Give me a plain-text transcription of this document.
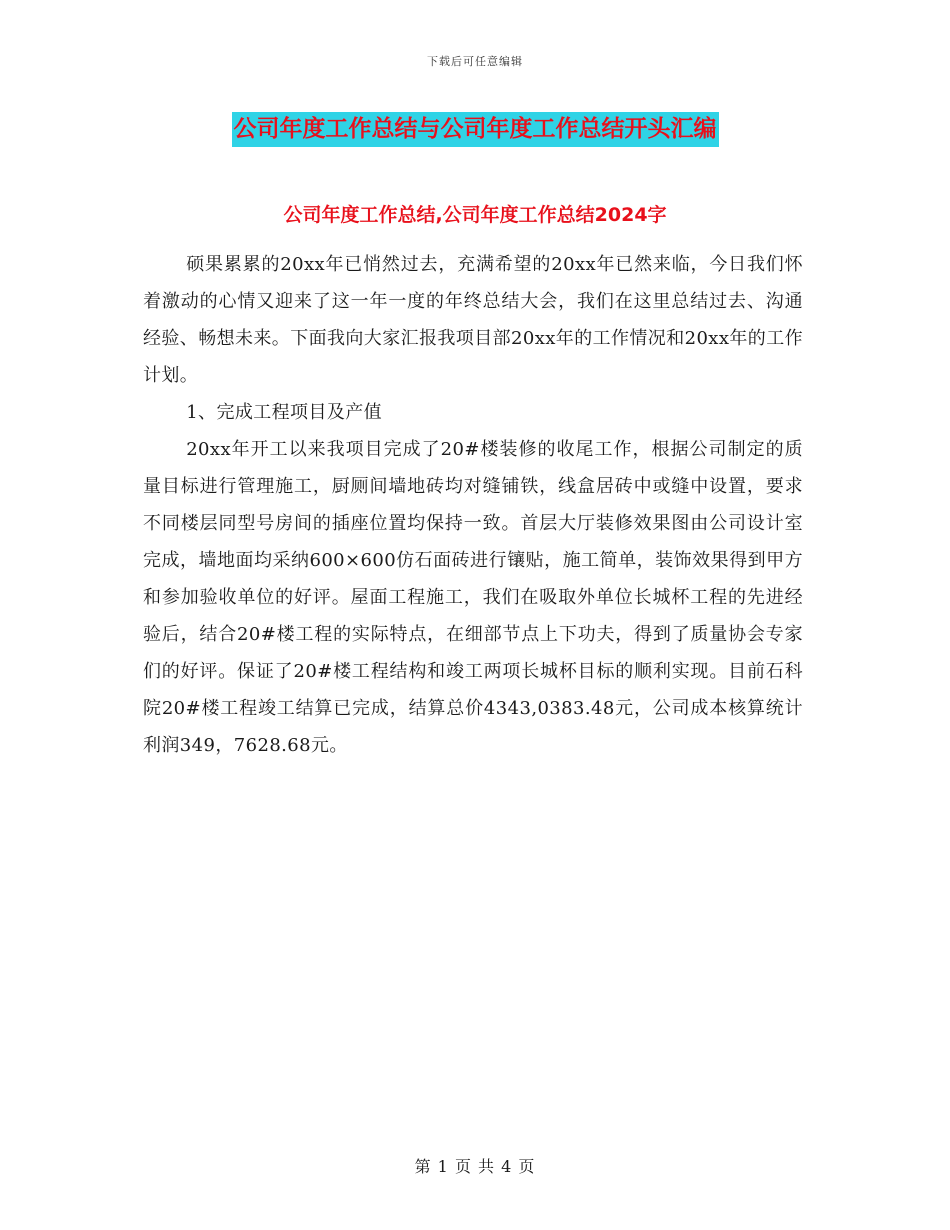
下载后可任意编辑
公司年度工作总结与公司年度工作总结开头汇编
公司年度工作总结,公司年度工作总结2024字

硕果累累的20xx年已悄然过去，充满希望的20xx年已然来临，今日我们怀着激动的心情又迎来了这一年一度的年终总结大会，我们在这里总结过去、沟通经验、畅想未来。下面我向大家汇报我项目部20xx年的工作情况和20xx年的工作计划。

1、完成工程项目及产值

20xx年开工以来我项目完成了20#楼装修的收尾工作，根据公司制定的质量目标进行管理施工，厨厕间墙地砖均对缝铺铁，线盒居砖中或缝中设置，要求不同楼层同型号房间的插座位置均保持一致。首层大厅装修效果图由公司设计室完成，墙地面均采纳600×600仿石面砖进行镶贴，施工简单，装饰效果得到甲方和参加验收单位的好评。屋面工程施工，我们在吸取外单位长城杯工程的先进经验后，结合20#楼工程的实际特点，在细部节点上下功夫，得到了质量协会专家们的好评。保证了20#楼工程结构和竣工两项长城杯目标的顺利实现。目前石科院20#楼工程竣工结算已完成，结算总价4343,0383.48元，公司成本核算统计利润349，7628.68元。

第 1 页 共 4 页
